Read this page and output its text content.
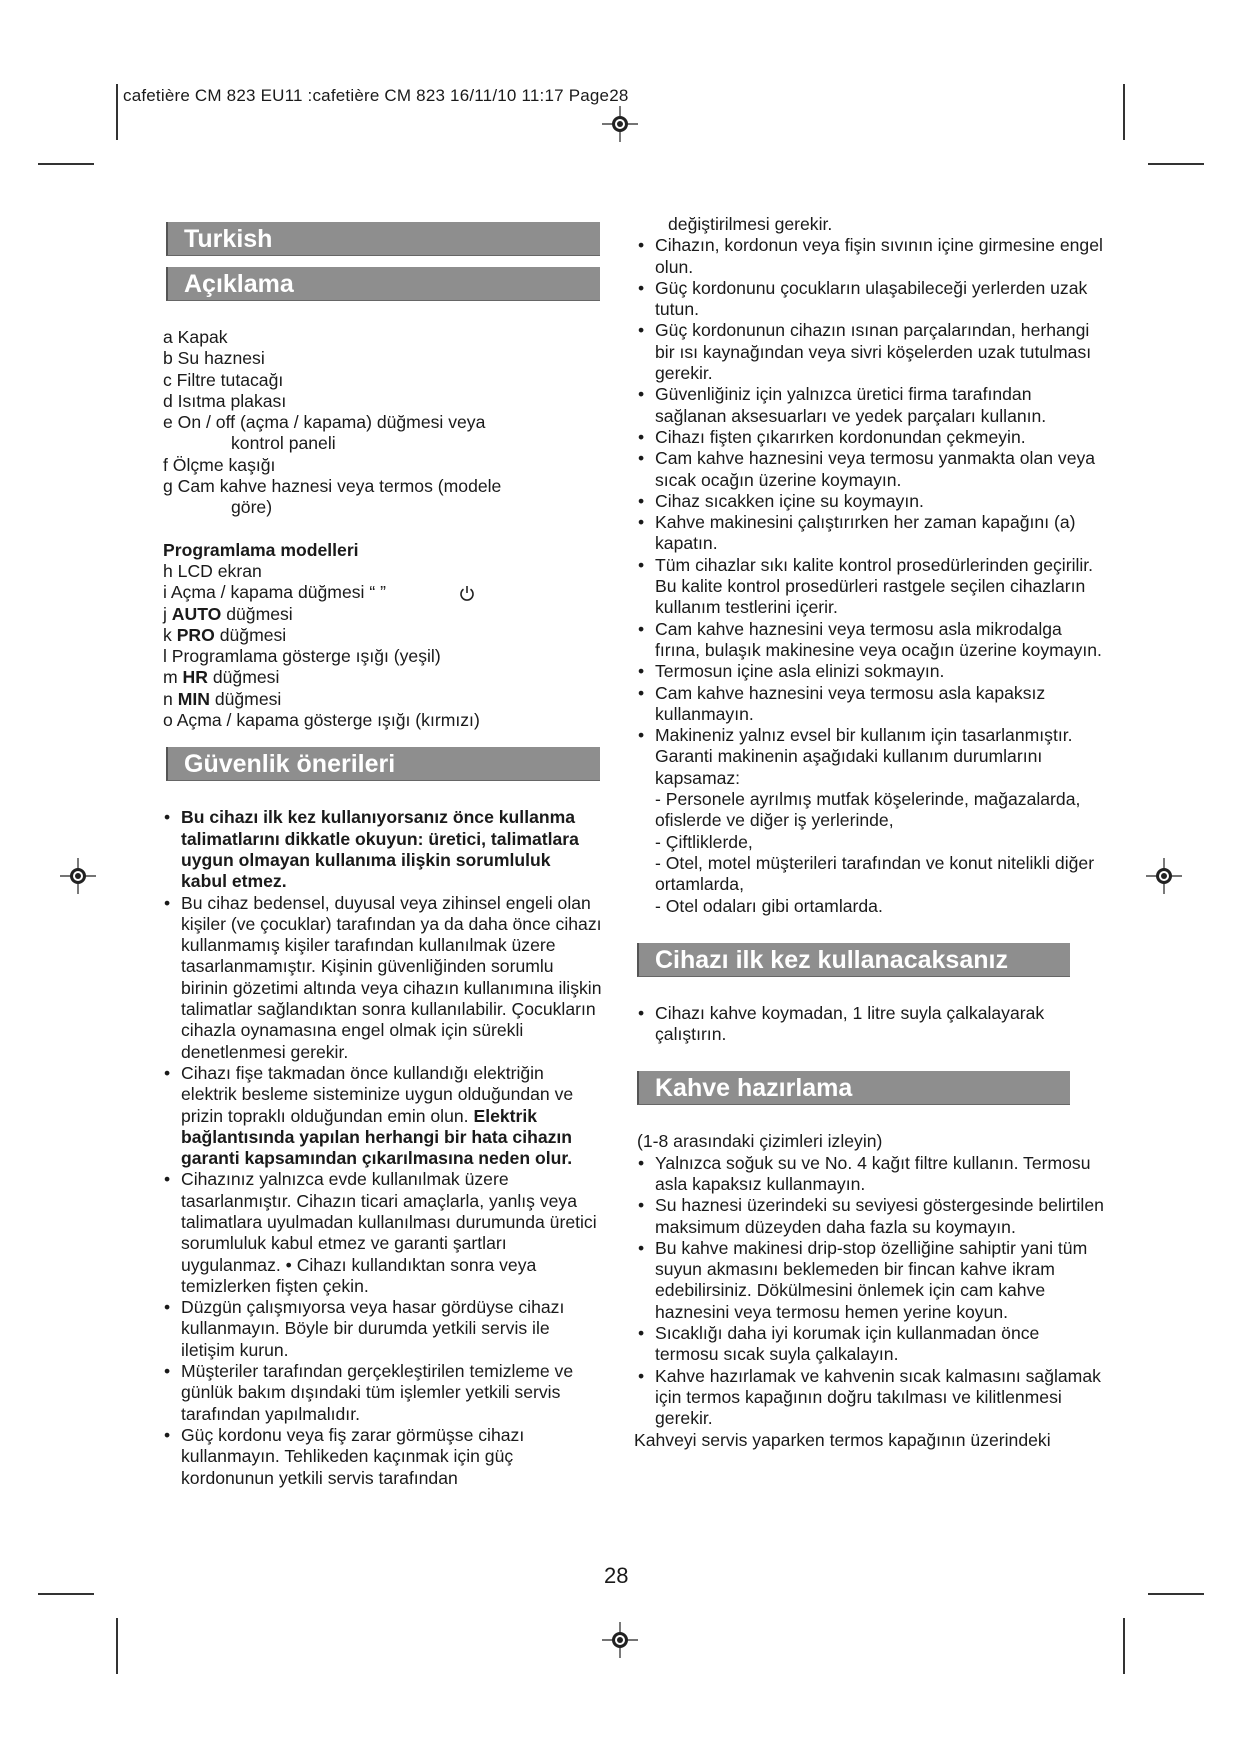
cafetière CM 823 EU11 :cafetière CM 823 16/11/10 11:17 Page28
Turkish
Açıklama

a Kapak

b Su haznesi

c Filtre tutacağı

d Isıtma plakası

e On / off (açma / kapama) düğmesi veya

kontrol paneli

f Ölçme kaşığı

g Cam kahve haznesi veya termos (modele

göre)

Programlama modelleri

h LCD ekran

i Açma / kapama düğmesi “ ”

j AUTO düğmesi

k PRO düğmesi

l Programlama gösterge ışığı (yeşil)

m HR düğmesi

n MIN düğmesi

o Açma / kapama gösterge ışığı (kırmızı)

Güvenlik önerileri
• Bu cihazı ilk kez kullanıyorsanız önce kullanma talimatlarını dikkatle okuyun: üretici, talimatlara uygun olmayan kullanıma ilişkin sorumluluk kabul etmez.
• Bu cihaz bedensel, duyusal veya zihinsel engeli olan kişiler (ve çocuklar) tarafından ya da daha önce cihazı kullanmamış kişiler tarafından kullanılmak üzere tasarlanmamıştır. Kişinin güvenliğinden sorumlu birinin gözetimi altında veya cihazın kullanımına ilişkin talimatlar sağlandıktan sonra kullanılabilir. Çocukların cihazla oynamasına engel olmak için sürekli denetlenmesi gerekir.
• Cihazı fişe takmadan önce kullandığı elektriğin elektrik besleme sisteminize uygun olduğundan ve prizin topraklı olduğundan emin olun. Elektrik bağlantısında yapılan herhangi bir hata cihazın garanti kapsamından çıkarılmasına neden olur.
• Cihazınız yalnızca evde kullanılmak üzere tasarlanmıştır. Cihazın ticari amaçlarla, yanlış veya talimatlara uyulmadan kullanılması durumunda üretici sorumluluk kabul etmez ve garanti şartları uygulanmaz. • Cihazı kullandıktan sonra veya temizlerken fişten çekin.
• Düzgün çalışmıyorsa veya hasar gördüyse cihazı kullanmayın. Böyle bir durumda yetkili servis ile iletişim kurun.
• Müşteriler tarafından gerçekleştirilen temizleme ve günlük bakım dışındaki tüm işlemler yetkili servis tarafından yapılmalıdır.
• Güç kordonu veya fiş zarar görmüşse cihazı kullanmayın. Tehlikeden kaçınmak için güç kordonunun yetkili servis tarafından

değiştirilmesi gerekir.

• Cihazın, kordonun veya fişin sıvının içine girmesine engel olun.
• Güç kordonunu çocukların ulaşabileceği yerlerden uzak tutun.
• Güç kordonunun cihazın ısınan parçalarından, herhangi bir ısı kaynağından veya sivri köşelerden uzak tutulması gerekir.
• Güvenliğiniz için yalnızca üretici firma tarafından sağlanan aksesuarları ve yedek parçaları kullanın.
• Cihazı fişten çıkarırken kordonundan çekmeyin.
• Cam kahve haznesini veya termosu yanmakta olan veya sıcak ocağın üzerine koymayın.
• Cihaz sıcakken içine su koymayın.
• Kahve makinesini çalıştırırken her zaman kapağını (a) kapatın.
• Tüm cihazlar sıkı kalite kontrol prosedürlerinden geçirilir. Bu kalite kontrol prosedürleri rastgele seçilen cihazların kullanım testlerini içerir.
• Cam kahve haznesini veya termosu asla mikrodalga fırına, bulaşık makinesine veya ocağın üzerine koymayın.
• Termosun içine asla elinizi sokmayın.
• Cam kahve haznesini veya termosu asla kapaksız kullanmayın.
• Makineniz yalnız evsel bir kullanım için tasarlanmıştır.
Garanti makinenin aşağıdaki kullanım durumlarını kapsamaz:
- Personele ayrılmış mutfak köşelerinde, mağazalarda, ofislerde ve diğer iş yerlerinde,
- Çiftliklerde,
- Otel, motel müşterileri tarafından ve konut nitelikli diğer ortamlarda,
- Otel odaları gibi ortamlarda.
Cihazı ilk kez kullanacaksanız
• Cihazı kahve koymadan, 1 litre suyla çalkalayarak çalıştırın.
Kahve hazırlama

(1-8 arasındaki çizimleri izleyin)

• Yalnızca soğuk su ve No. 4 kağıt filtre kullanın. Termosu asla kapaksız kullanmayın.
• Su haznesi üzerindeki su seviyesi göstergesinde belirtilen maksimum düzeyden daha fazla su koymayın.
• Bu kahve makinesi drip-stop özelliğine sahiptir yani tüm suyun akmasını beklemeden bir fincan kahve ikram edebilirsiniz. Dökülmesini önlemek için cam kahve haznesini veya termosu hemen yerine koyun.
• Sıcaklığı daha iyi korumak için kullanmadan önce termosu sıcak suyla çalkalayın.
• Kahve hazırlamak ve kahvenin sıcak kalmasını sağlamak için termos kapağının doğru takılması ve kilitlenmesi gerekir.

Kahveyi servis yaparken termos kapağının üzerindeki

28
